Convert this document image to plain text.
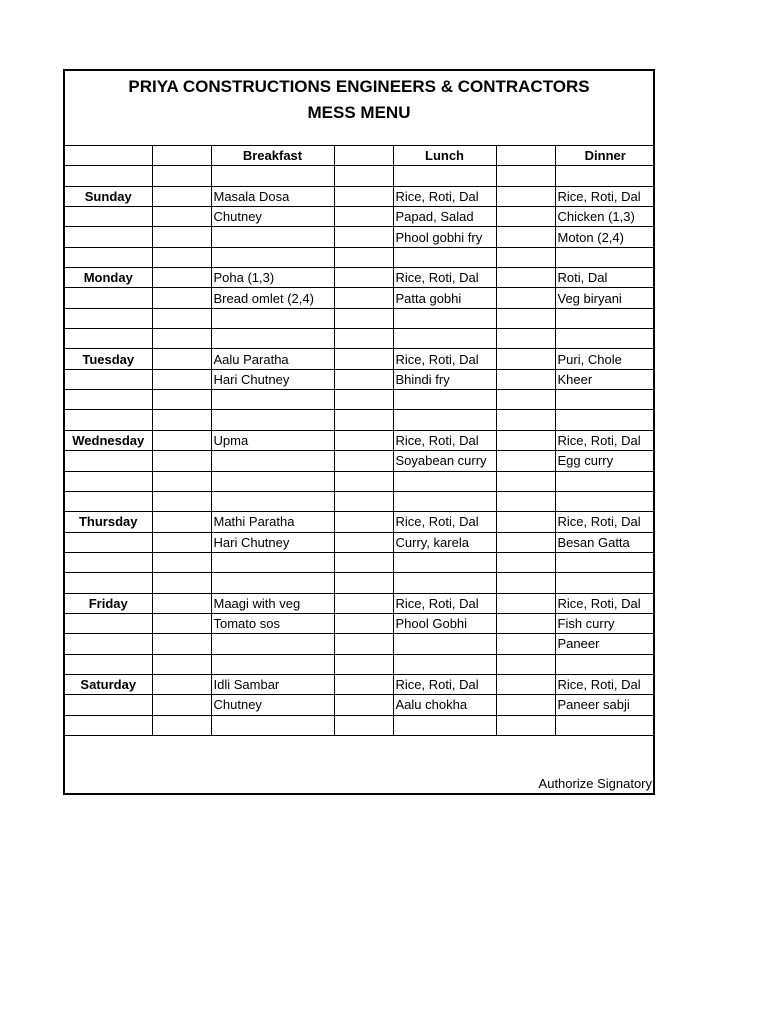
PRIYA CONSTRUCTIONS ENGINEERS & CONTRACTORS
MESS MENU
		Breakfast		Lunch		Dinner

Sunday		Masala Dosa		Rice, Roti, Dal		Rice, Roti, Dal
		Chutney		Papad, Salad		Chicken (1,3)
				Phool gobhi fry		Moton (2,4)

Monday		Poha (1,3)		Rice, Roti, Dal		Roti, Dal
		Bread omlet (2,4)		Patta gobhi		Veg biryani

Tuesday		Aalu Paratha		Rice, Roti, Dal		Puri, Chole
		Hari Chutney		Bhindi fry		Kheer

Wednesday		Upma		Rice, Roti, Dal		Rice, Roti, Dal
				Soyabean curry		Egg curry

Thursday		Mathi Paratha		Rice, Roti, Dal		Rice, Roti, Dal
		Hari Chutney		Curry, karela		Besan Gatta

Friday		Maagi with veg		Rice, Roti, Dal		Rice, Roti, Dal
		Tomato sos		Phool Gobhi		Fish curry
						Paneer

Saturday		Idli Sambar		Rice, Roti, Dal		Rice, Roti, Dal
		Chutney		Aalu chokha		Paneer sabji

Authorize Signatory
